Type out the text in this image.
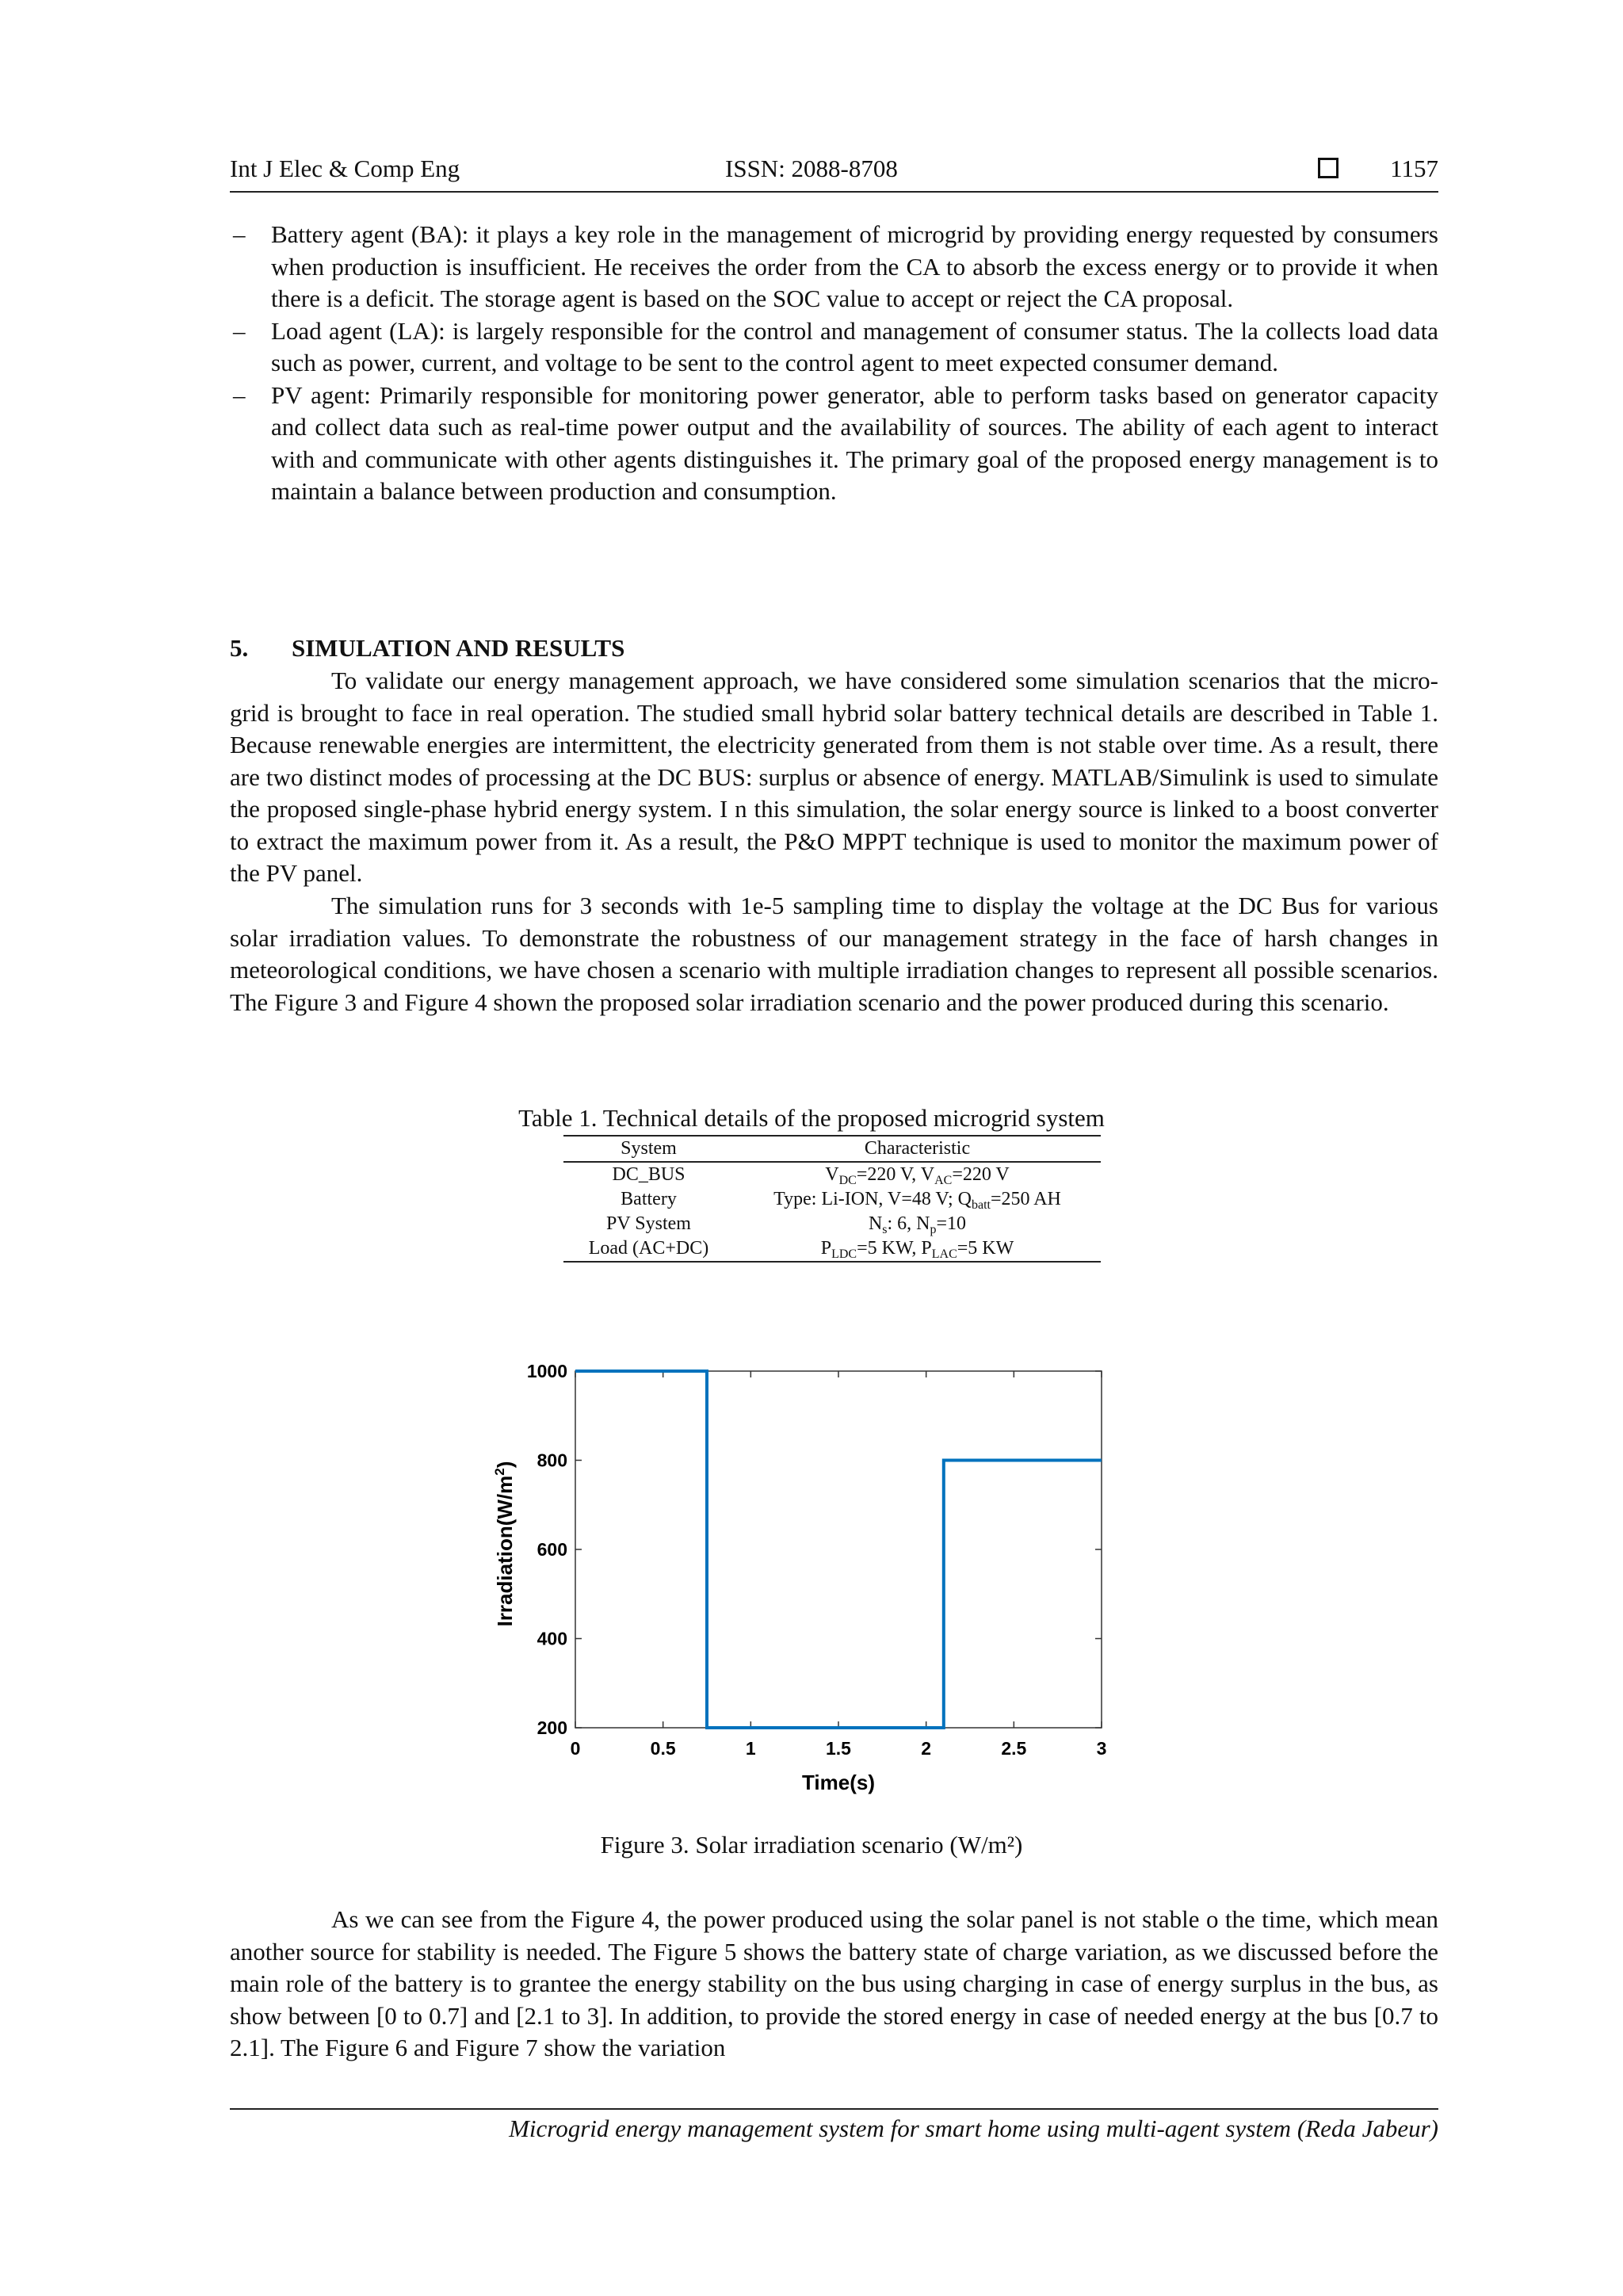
Int J Elec & Comp Eng	ISSN: 2088-8708	1157
– Battery agent (BA): it plays a key role in the management of microgrid by providing energy requested by consumers when production is insufficient. He receives the order from the CA to absorb the excess energy or to provide it when there is a deficit. The storage agent is based on the SOC value to accept or reject the CA proposal.
– Load agent (LA): is largely responsible for the control and management of consumer status. The la collects load data such as power, current, and voltage to be sent to the control agent to meet expected consumer demand.
– PV agent: Primarily responsible for monitoring power generator, able to perform tasks based on generator capacity and collect data such as real-time power output and the availability of sources. The ability of each agent to interact with and communicate with other agents distinguishes it. The primary goal of the proposed energy management is to maintain a balance between production and consumption.
5. SIMULATION AND RESULTS

To validate our energy management approach, we have considered some simulation scenarios that the micro-grid is brought to face in real operation. The studied small hybrid solar battery technical details are described in Table 1. Because renewable energies are intermittent, the electricity generated from them is not stable over time. As a result, there are two distinct modes of processing at the DC BUS: surplus or absence of energy. MATLAB/Simulink is used to simulate the proposed single-phase hybrid energy system. I n this simulation, the solar energy source is linked to a boost converter to extract the maximum power from it. As a result, the P&O MPPT technique is used to monitor the maximum power of the PV panel.

The simulation runs for 3 seconds with 1e-5 sampling time to display the voltage at the DC Bus for various solar irradiation values. To demonstrate the robustness of our management strategy in the face of harsh changes in meteorological conditions, we have chosen a scenario with multiple irradiation changes to represent all possible scenarios. The Figure 3 and Figure 4 shown the proposed solar irradiation scenario and the power produced during this scenario.

Table 1. Technical details of the proposed microgrid system
System	Characteristic
DC_BUS	$V_{DC}=220$ V, $V_{AC}=220$ V
Battery	Type: Li-ION, V=48 V; $Q_{batt}=250$ AH
PV System	$N_s$: 6, $N_p=10$
Load (AC+DC)	$P_{LDC}=5$ KW, $P_{LAC}=5$ KW
0	0.5	1	1.5	2	2.5	3
200
400
600
800
1000
Time(s)
$Irradiation(W/m^2)$
Figure 3. Solar irradiation scenario (W/m²)

As we can see from the Figure 4, the power produced using the solar panel is not stable o the time, which mean another source for stability is needed. The Figure 5 shows the battery state of charge variation, as we discussed before the main role of the battery is to grantee the energy stability on the bus using charging in case of energy surplus in the bus, as show between [0 to 0.7] and [2.1 to 3]. In addition, to provide the stored energy in case of needed energy at the bus [0.7 to 2.1]. The Figure 6 and Figure 7 show the variation

Microgrid energy management system for smart home using multi-agent system (Reda Jabeur)
